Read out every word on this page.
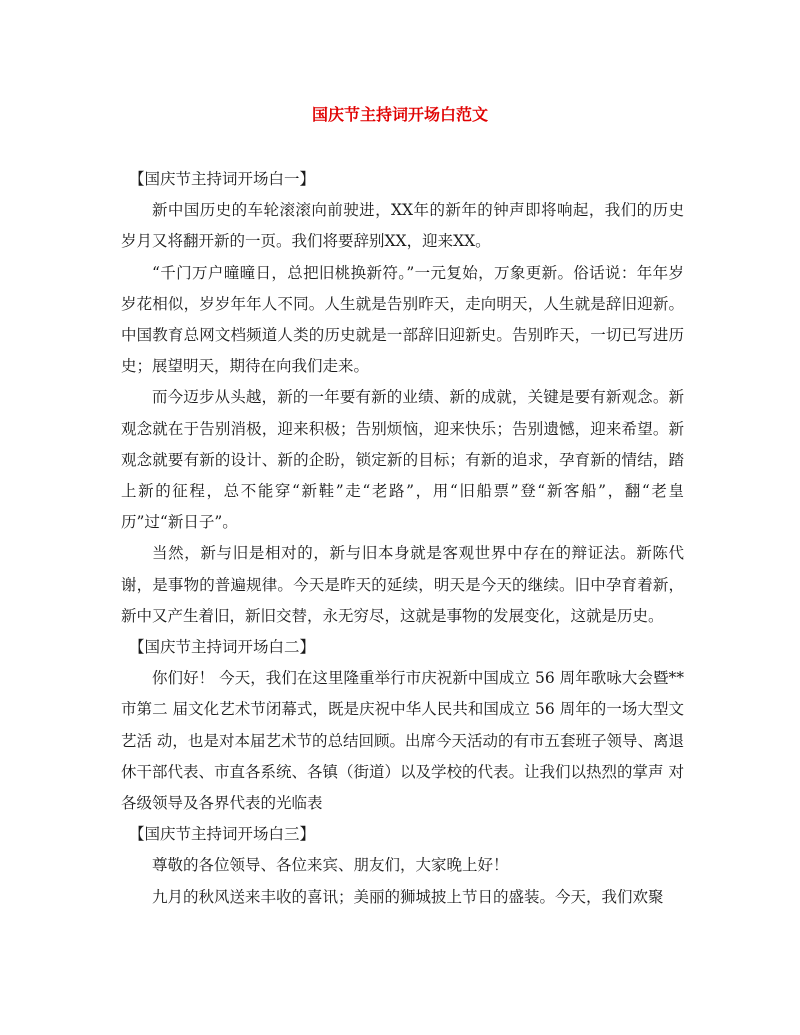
国庆节主持词开场白范文

【国庆节主持词开场白一】

新中国历史的车轮滚滚向前驶进，XX年的新年的钟声即将响起，我们的历史岁月又将翻开新的一页。我们将要辞别XX，迎来XX。

“千门万户曈曈日，总把旧桃换新符。”一元复始，万象更新。俗话说：年年岁岁花相似，岁岁年年人不同。人生就是告别昨天，走向明天，人生就是辞旧迎新。中国教育总网文档频道人类的历史就是一部辞旧迎新史。告别昨天，一切已写进历史；展望明天，期待在向我们走来。

而今迈步从头越，新的一年要有新的业绩、新的成就，关键是要有新观念。新观念就在于告别消极，迎来积极；告别烦恼，迎来快乐；告别遗憾，迎来希望。新观念就要有新的设计、新的企盼，锁定新的目标；有新的追求，孕育新的情结，踏上新的征程，总不能穿“新鞋”走“老路”，用“旧船票”登“新客船”，翻“老皇历”过“新日子”。

当然，新与旧是相对的，新与旧本身就是客观世界中存在的辩证法。新陈代谢，是事物的普遍规律。今天是昨天的延续，明天是今天的继续。旧中孕育着新，新中又产生着旧，新旧交替，永无穷尽，这就是事物的发展变化，这就是历史。

【国庆节主持词开场白二】

你们好！ 今天，我们在这里隆重举行市庆祝新中国成立 56 周年歌咏大会暨**市第二 届文化艺术节闭幕式，既是庆祝中华人民共和国成立 56 周年的一场大型文艺活 动，也是对本届艺术节的总结回顾。出席今天活动的有市五套班子领导、离退 休干部代表、市直各系统、各镇（街道）以及学校的代表。让我们以热烈的掌声 对各级领导及各界代表的光临表

【国庆节主持词开场白三】

尊敬的各位领导、各位来宾、朋友们，大家晚上好！

九月的秋风送来丰收的喜讯；美丽的狮城披上节日的盛装。今天，我们欢聚
